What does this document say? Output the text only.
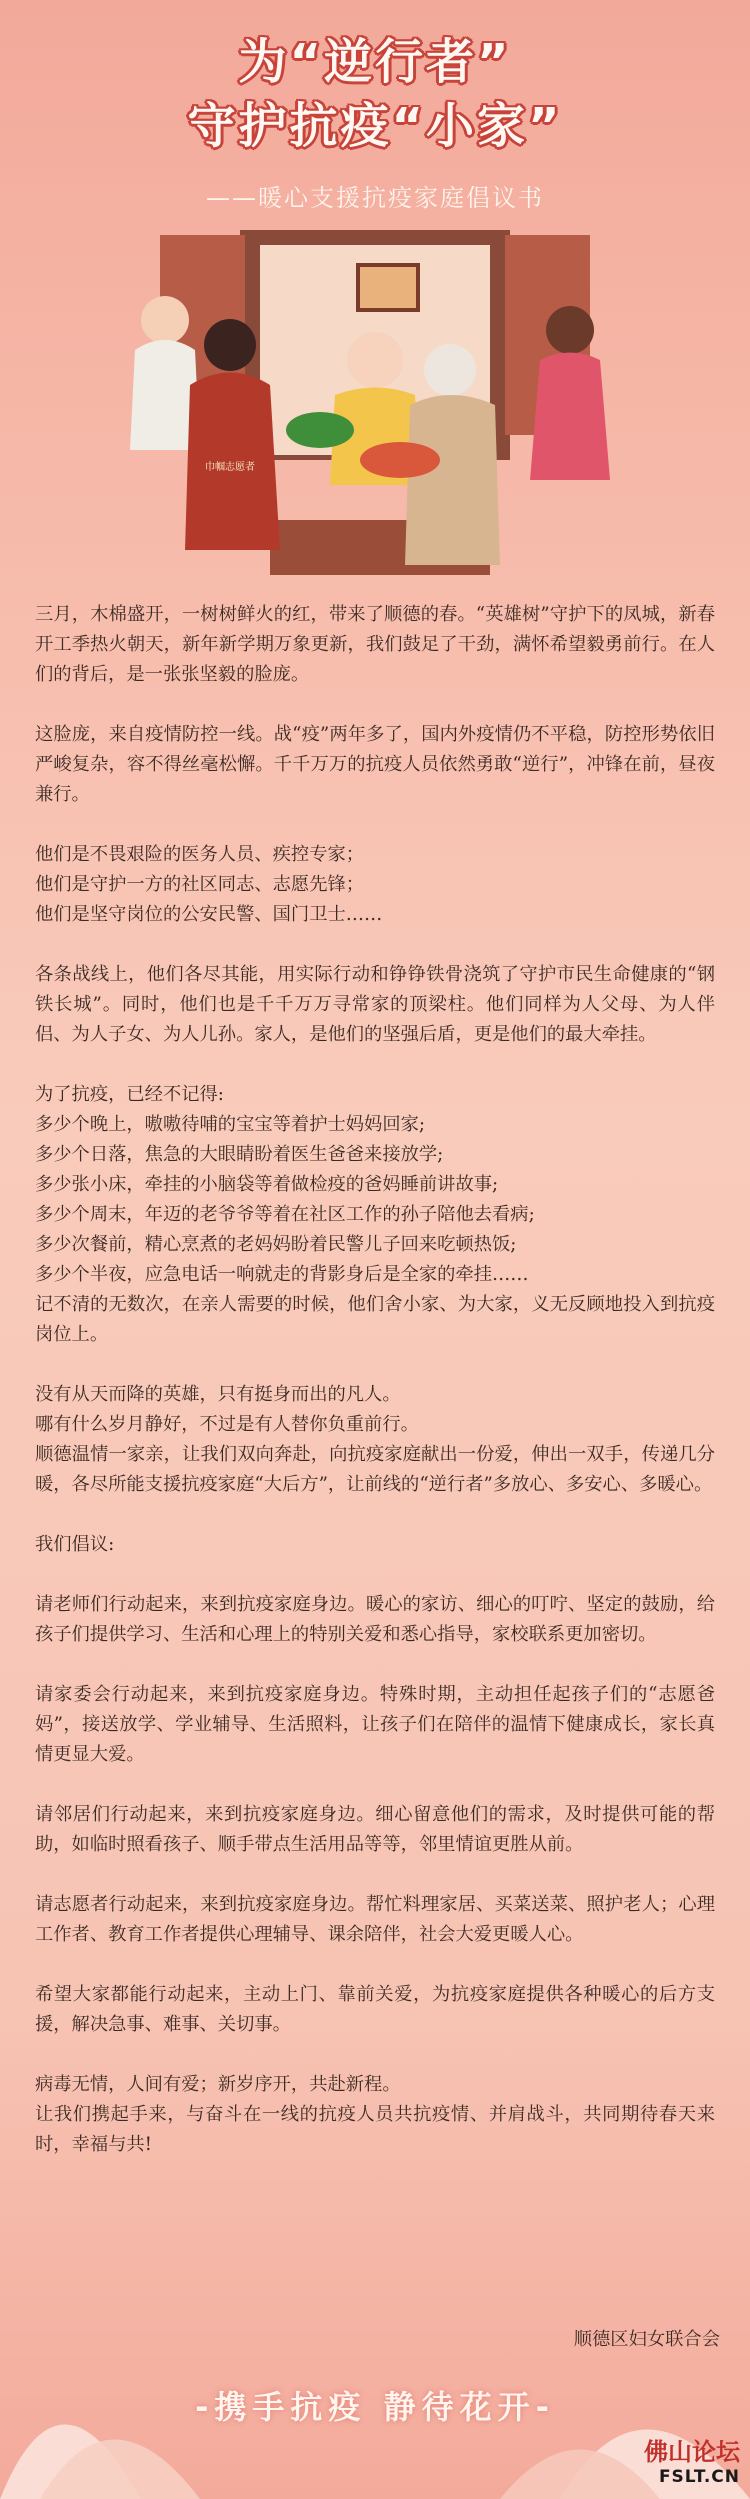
为“逆行者”
守护抗疫“小家”
——暖心支援抗疫家庭倡议书
巾帼志愿者
三月，木棉盛开，一树树鲜火的红，带来了顺德的春。“英雄树”守护下的凤城，新春开工季热火朝天，新年新学期万象更新，我们鼓足了干劲，满怀希望毅勇前行。在人们的背后，是一张张坚毅的脸庞。
这脸庞，来自疫情防控一线。战“疫”两年多了，国内外疫情仍不平稳，防控形势依旧严峻复杂，容不得丝毫松懈。千千万万的抗疫人员依然勇敢“逆行”，冲锋在前，昼夜兼行。
他们是不畏艰险的医务人员、疾控专家；
他们是守护一方的社区同志、志愿先锋；
他们是坚守岗位的公安民警、国门卫士……
各条战线上，他们各尽其能，用实际行动和铮铮铁骨浇筑了守护市民生命健康的“钢铁长城”。同时，他们也是千千万万寻常家的顶梁柱。他们同样为人父母、为人伴侣、为人子女、为人儿孙。家人，是他们的坚强后盾，更是他们的最大牵挂。
为了抗疫，已经不记得:
多少个晚上，嗷嗷待哺的宝宝等着护士妈妈回家;
多少个日落，焦急的大眼睛盼着医生爸爸来接放学;
多少张小床，牵挂的小脑袋等着做检疫的爸妈睡前讲故事;
多少个周末，年迈的老爷爷等着在社区工作的孙子陪他去看病;
多少次餐前，精心烹煮的老妈妈盼着民警儿子回来吃顿热饭;
多少个半夜，应急电话一响就走的背影身后是全家的牵挂……
记不清的无数次，在亲人需要的时候，他们舍小家、为大家，义无反顾地投入到抗疫岗位上。
没有从天而降的英雄，只有挺身而出的凡人。
哪有什么岁月静好，不过是有人替你负重前行。
顺德温情一家亲，让我们双向奔赴，向抗疫家庭献出一份爱，伸出一双手，传递几分暖，各尽所能支援抗疫家庭“大后方”，让前线的“逆行者”多放心、多安心、多暖心。
我们倡议:
请老师们行动起来，来到抗疫家庭身边。暖心的家访、细心的叮咛、坚定的鼓励，给孩子们提供学习、生活和心理上的特别关爱和悉心指导，家校联系更加密切。
请家委会行动起来，来到抗疫家庭身边。特殊时期，主动担任起孩子们的“志愿爸妈”，接送放学、学业辅导、生活照料，让孩子们在陪伴的温情下健康成长，家长真情更显大爱。
请邻居们行动起来，来到抗疫家庭身边。细心留意他们的需求，及时提供可能的帮助，如临时照看孩子、顺手带点生活用品等等，邻里情谊更胜从前。
请志愿者行动起来，来到抗疫家庭身边。帮忙料理家居、买菜送菜、照护老人；心理工作者、教育工作者提供心理辅导、课余陪伴，社会大爱更暖人心。
希望大家都能行动起来，主动上门、靠前关爱，为抗疫家庭提供各种暖心的后方支援，解决急事、难事、关切事。
病毒无情，人间有爱；新岁序开，共赴新程。
让我们携起手来，与奋斗在一线的抗疫人员共抗疫情、并肩战斗，共同期待春天来时，幸福与共!
顺德区妇女联合会
-携手抗疫 静待花开-
佛山论坛
FSLT.CN
